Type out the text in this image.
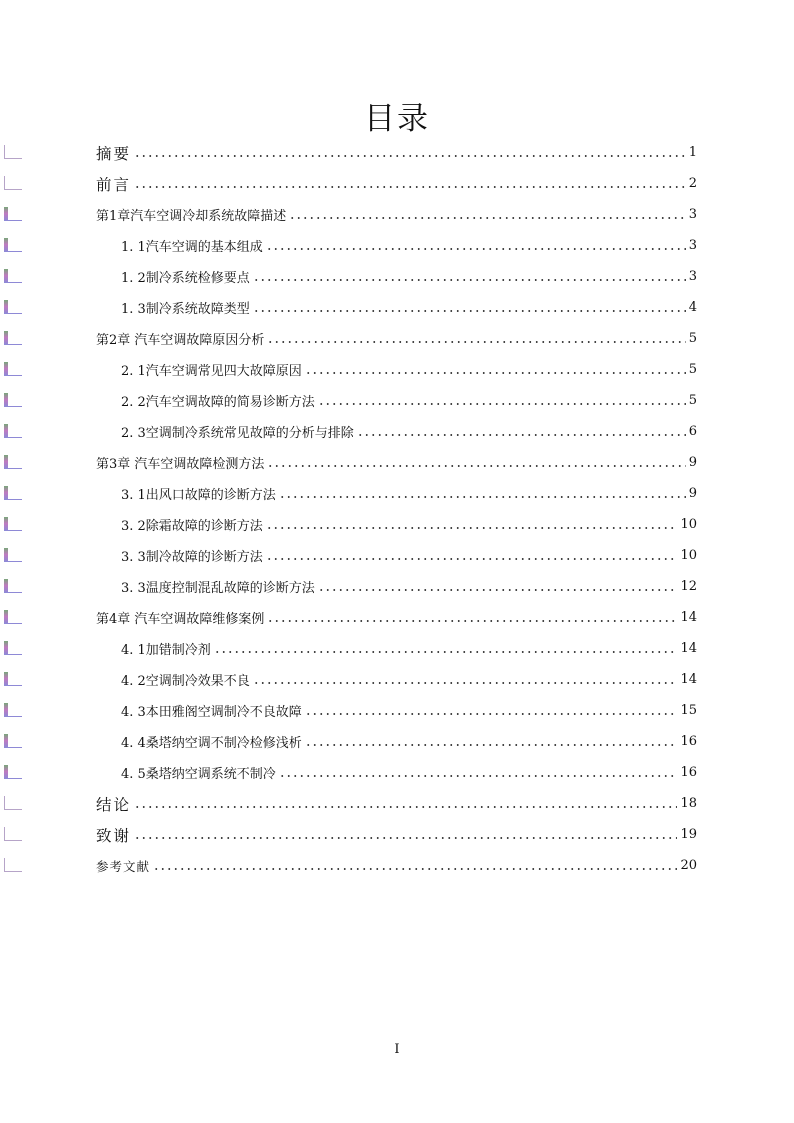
目录
摘要	1
前言	2
第1章汽车空调冷却系统故障描述	3
1. 1汽车空调的基本组成	3
1. 2制冷系统检修要点	3
1. 3制冷系统故障类型	4
第2章 汽车空调故障原因分析	5
2. 1汽车空调常见四大故障原因	5
2. 2汽车空调故障的简易诊断方法	5
2. 3空调制冷系统常见故障的分析与排除	6
第3章 汽车空调故障检测方法	9
3. 1出风口故障的诊断方法	9
3. 2除霜故障的诊断方法	10
3. 3制冷故障的诊断方法	10
3. 3温度控制混乱故障的诊断方法	12
第4章 汽车空调故障维修案例	14
4. 1加错制冷剂	14
4. 2空调制冷效果不良	14
4. 3本田雅阁空调制冷不良故障	15
4. 4桑塔纳空调不制冷检修浅析	16
4. 5桑塔纳空调系统不制冷	16
结论	18
致谢	19
参考文献	20
I
